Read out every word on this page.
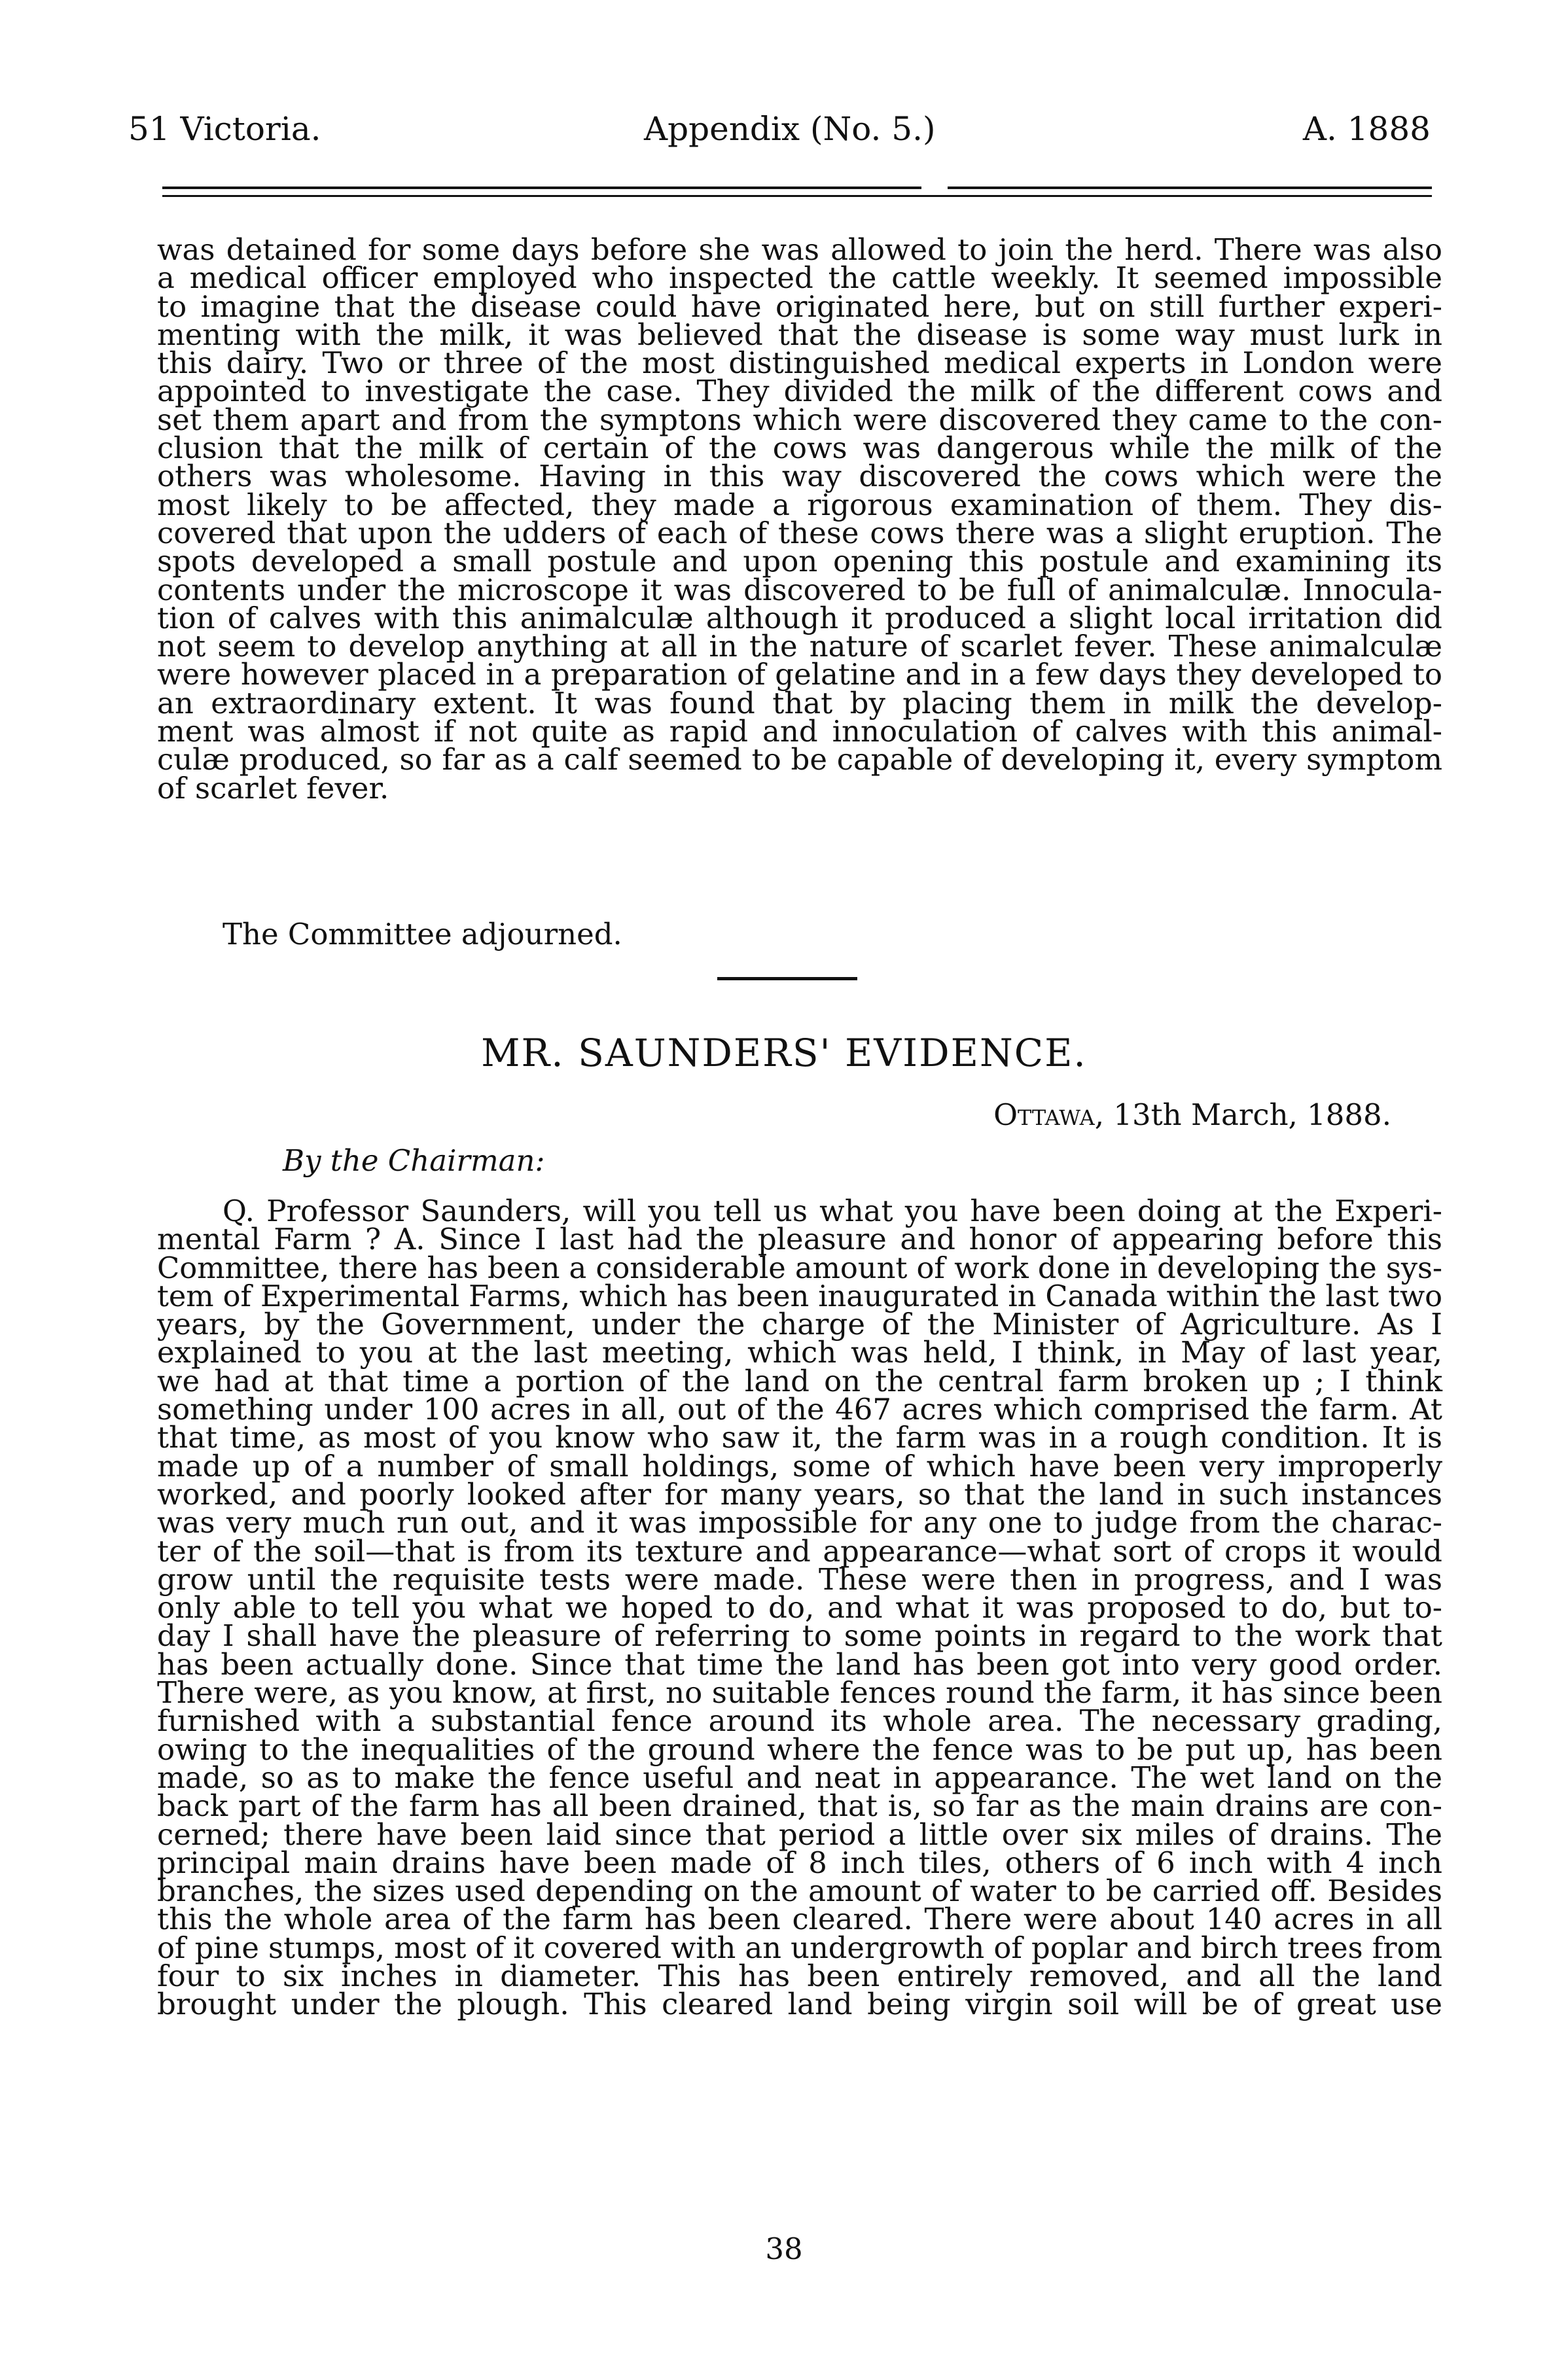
51 Victoria.	Appendix (No. 5.)	A. 1888
was detained for some days before she was allowed to join the herd. There was also
a medical officer employed who inspected the cattle weekly. It seemed impossible
to imagine that the disease could have originated here, but on still further experi-
menting with the milk, it was believed that the disease is some way must lurk in
this dairy. Two or three of the most distinguished medical experts in London were
appointed to investigate the case. They divided the milk of the different cows and
set them apart and from the symptons which were discovered they came to the con-
clusion that the milk of certain of the cows was dangerous while the milk of the
others was wholesome. Having in this way discovered the cows which were the
most likely to be affected, they made a rigorous examination of them. They dis-
covered that upon the udders of each of these cows there was a slight eruption. The
spots developed a small postule and upon opening this postule and examining its
contents under the microscope it was discovered to be full of animalculæ. Innocula-
tion of calves with this animalculæ although it produced a slight local irritation did
not seem to develop anything at all in the nature of scarlet fever. These animalculæ
were however placed in a preparation of gelatine and in a few days they developed to
an extraordinary extent. It was found that by placing them in milk the develop-
ment was almost if not quite as rapid and innoculation of calves with this animal-
culæ produced, so far as a calf seemed to be capable of developing it, every symptom
of scarlet fever.
The Committee adjourned.
MR. SAUNDERS' EVIDENCE.
Ottawa, 13th March, 1888.
By the Chairman:
Q. Professor Saunders, will you tell us what you have been doing at the Experi-
mental Farm ? A. Since I last had the pleasure and honor of appearing before this
Committee, there has been a considerable amount of work done in developing the sys-
tem of Experimental Farms, which has been inaugurated in Canada within the last two
years, by the Government, under the charge of the Minister of Agriculture. As I
explained to you at the last meeting, which was held, I think, in May of last year,
we had at that time a portion of the land on the central farm broken up ; I think
something under 100 acres in all, out of the 467 acres which comprised the farm. At
that time, as most of you know who saw it, the farm was in a rough condition. It is
made up of a number of small holdings, some of which have been very improperly
worked, and poorly looked after for many years, so that the land in such instances
was very much run out, and it was impossible for any one to judge from the charac-
ter of the soil—that is from its texture and appearance—what sort of crops it would
grow until the requisite tests were made. These were then in progress, and I was
only able to tell you what we hoped to do, and what it was proposed to do, but to-
day I shall have the pleasure of referring to some points in regard to the work that
has been actually done. Since that time the land has been got into very good order.
There were, as you know, at first, no suitable fences round the farm, it has since been
furnished with a substantial fence around its whole area. The necessary grading,
owing to the inequalities of the ground where the fence was to be put up, has been
made, so as to make the fence useful and neat in appearance. The wet land on the
back part of the farm has all been drained, that is, so far as the main drains are con-
cerned; there have been laid since that period a little over six miles of drains. The
principal main drains have been made of 8 inch tiles, others of 6 inch with 4 inch
branches, the sizes used depending on the amount of water to be carried off. Besides
this the whole area of the farm has been cleared. There were about 140 acres in all
of pine stumps, most of it covered with an undergrowth of poplar and birch trees from
four to six inches in diameter. This has been entirely removed, and all the land
brought under the plough. This cleared land being virgin soil will be of great use
38
